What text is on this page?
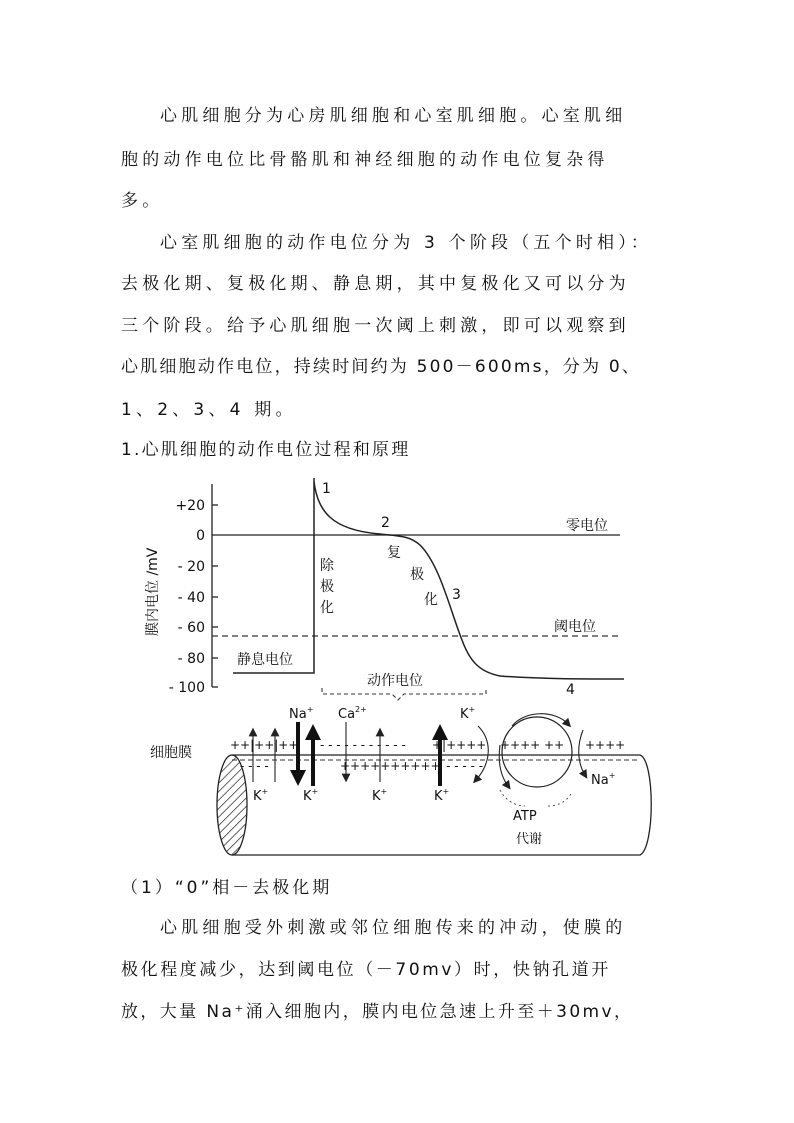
心肌细胞分为心房肌细胞和心室肌细胞。心室肌细
胞的动作电位比骨骼肌和神经细胞的动作电位复杂得
多。
心室肌细胞的动作电位分为 3 个阶段（五个时相）：
去极化期、复极化期、静息期，其中复极化又可以分为
三个阶段。给予心肌细胞一次阈上刺激，即可以观察到
心肌细胞动作电位，持续时间约为 500－600ms，分为 0、
1、2、3、4 期。
1.心肌细胞的动作电位过程和原理
+20
0
- 20
- 40
- 60
- 80
- 100
膜内电位 /mV
零电位
阈电位
静息电位
1
2
3
4
除
极
化
复
极
化
动作电位
细胞膜	++|++|++ - - - - - - - - - - - +|++++ ++++ ++ ++++
- - - -	++++++++++
- - - - - -
Na+ $Ca^{2+}$	K+
K+	K+	K+	K+
Na+
ATP
代谢
（1）“0”相－去极化期
心肌细胞受外刺激或邻位细胞传来的冲动，使膜的
极化程度减少，达到阈电位（－70mv）时，快钠孔道开
放，大量 Na⁺涌入细胞内，膜内电位急速上升至＋30mv，
